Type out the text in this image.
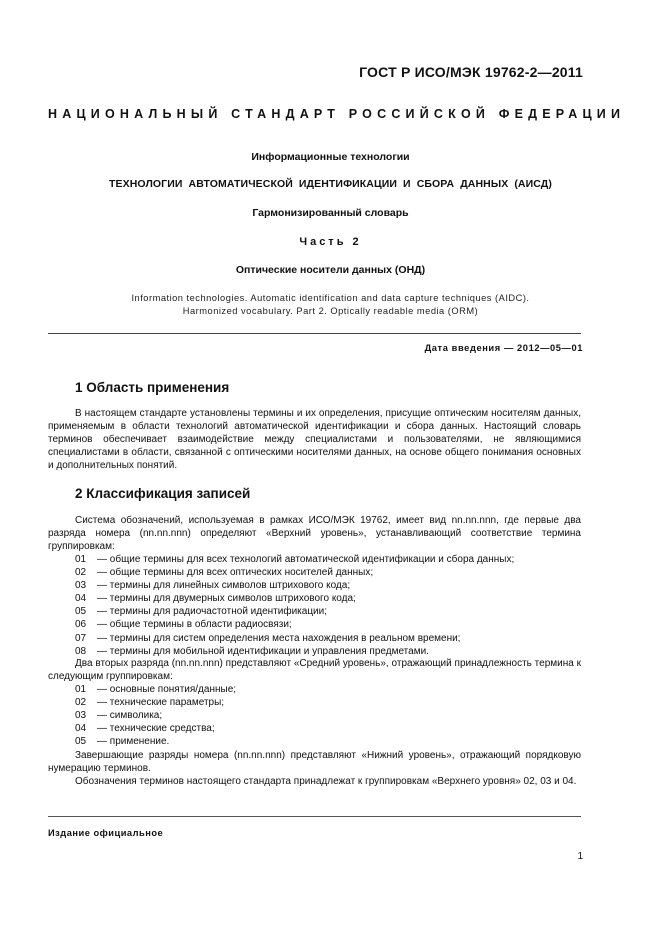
ГОСТ Р ИСО/МЭК 19762-2—2011
НАЦИОНАЛЬНЫЙ СТАНДАРТ РОССИЙСКОЙ ФЕДЕРАЦИИ
Информационные технологии
ТЕХНОЛОГИИ АВТОМАТИЧЕСКОЙ ИДЕНТИФИКАЦИИ И СБОРА ДАННЫХ (АИСД)
Гармонизированный словарь
Часть 2
Оптические носители данных (ОНД)
Information technologies. Automatic identification and data capture techniques (AIDC).
Harmonized vocabulary. Part 2. Optically readable media (ORM)
Дата введения — 2012—05—01
1 Область применения
В настоящем стандарте установлены термины и их определения, присущие оптическим носителям данных, применяемым в области технологий автоматической идентификации и сбора данных. Настоящий словарь терминов обеспечивает взаимодействие между специалистами и пользователями, не являющимися специалистами в области, связанной с оптическими носителями данных, на основе общего понимания основных и дополнительных понятий.
2 Классификация записей
Система обозначений, используемая в рамках ИСО/МЭК 19762, имеет вид nn.nn.nnn, где первые два разряда номера (nn.nn.nnn) определяют «Верхний уровень», устанавливающий соответствие термина группировкам:
01 — общие термины для всех технологий автоматической идентификации и сбора данных;
02 — общие термины для всех оптических носителей данных;
03 — термины для линейных символов штрихового кода;
04 — термины для двумерных символов штрихового кода;
05 — термины для радиочастотной идентификации;
06 — общие термины в области радиосвязи;
07 — термины для систем определения места нахождения в реальном времени;
08 — термины для мобильной идентификации и управления предметами.
Два вторых разряда (nn.nn.nnn) представляют «Средний уровень», отражающий принадлежность термина к следующим группировкам:
01 — основные понятия/данные;
02 — технические параметры;
03 — символика;
04 — технические средства;
05 — применение.
Завершающие разряды номера (nn.nn.nnn) представляют «Нижний уровень», отражающий порядковую нумерацию терминов.
Обозначения терминов настоящего стандарта принадлежат к группировкам «Верхнего уровня» 02, 03 и 04.
Издание официальное
1
